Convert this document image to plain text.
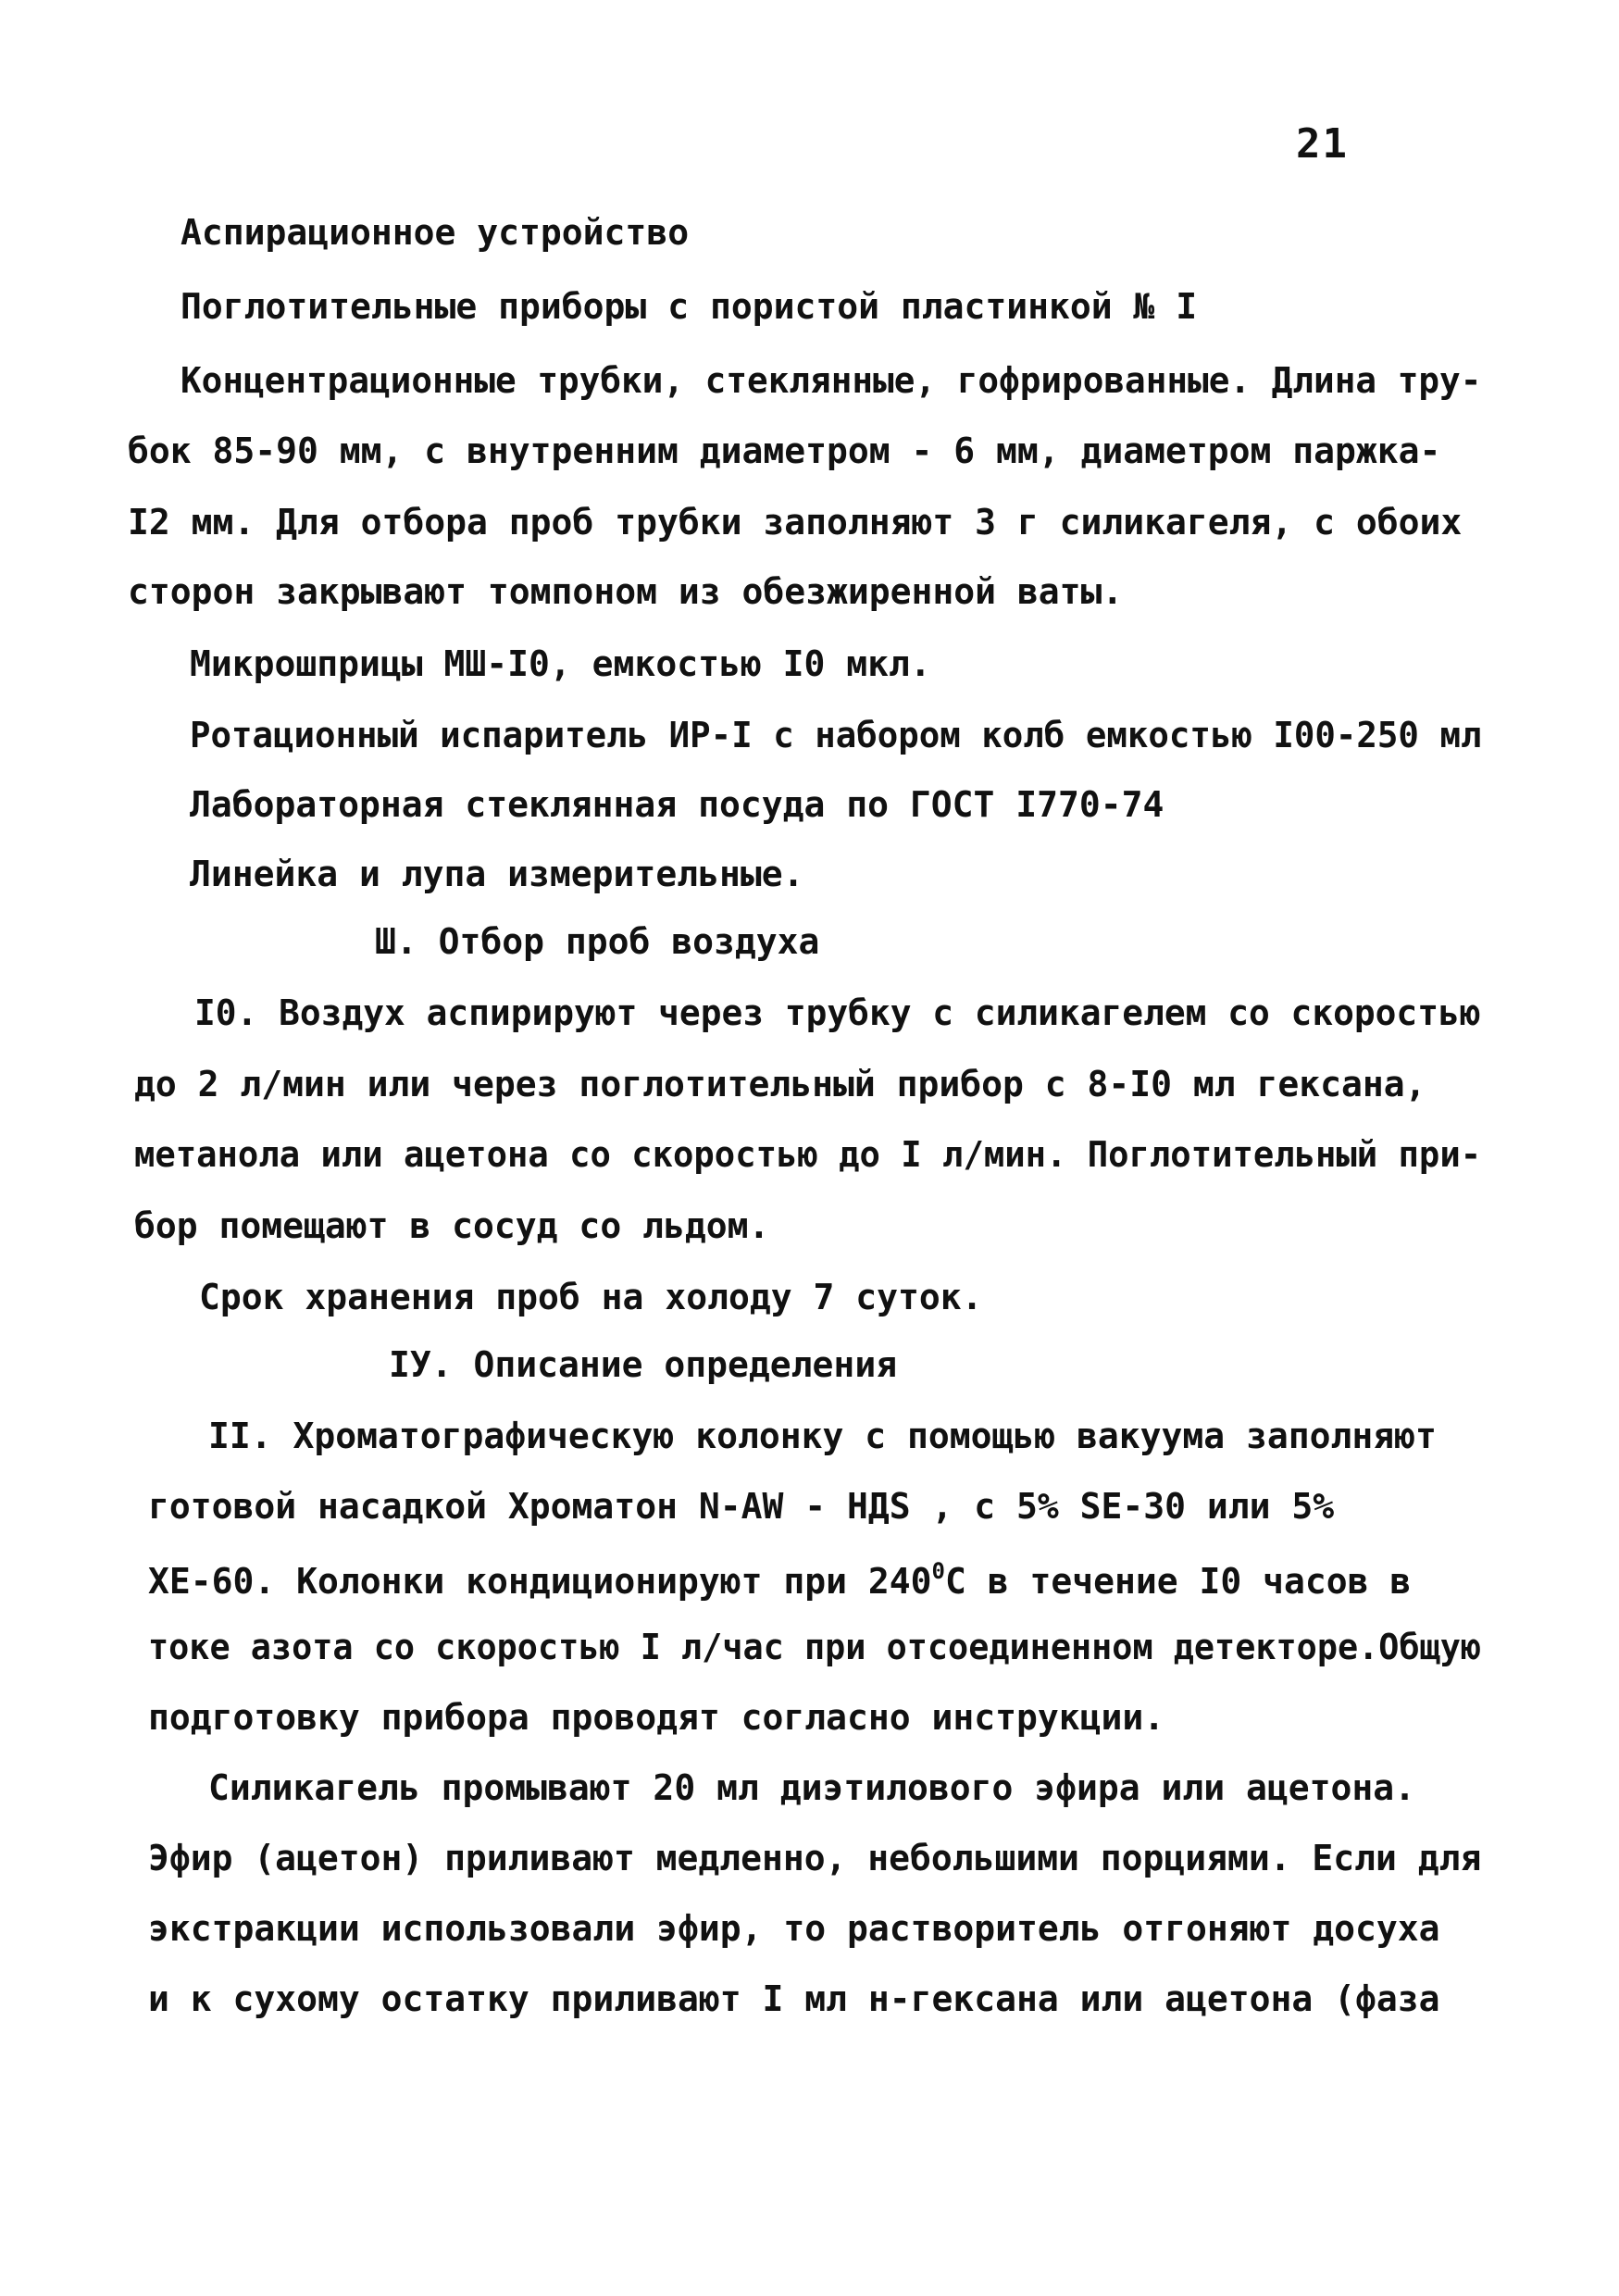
21
Аспирационное устройство
Поглотительные приборы с пористой пластинкой № I
Концентрационные трубки, стеклянные, гофрированные. Длина тру-
бок 85-90 мм, с внутренним диаметром - 6 мм, диаметром паржка-
I2 мм. Для отбора проб трубки заполняют 3 г силикагеля, с обоих
сторон закрывают томпоном из обезжиренной ваты.
Микрошприцы МШ-I0, емкостью I0 мкл.
Ротационный испаритель ИР-I с набором колб емкостью I00-250 мл
Лабораторная стеклянная посуда по ГОСТ I770-74
Линейка и лупа измерительные.
Ш. Отбор проб воздуха
I0. Воздух аспирируют через трубку с силикагелем со скоростью
до 2 л/мин или через поглотительный прибор с 8-I0 мл гексана,
метанола или ацетона со скоростью до I л/мин. Поглотительный при-
бор помещают в сосуд со льдом.
Срок хранения проб на холоду 7 суток.
IУ. Описание определения
II. Хроматографическую колонку с помощью вакуума заполняют
готовой насадкой Хроматон N-AW - НДS , с 5% SE-30 или 5%
ХЕ-60. Колонки кондиционируют при $240^0С$ в течение I0 часов в
токе азота со скоростью I л/час при отсоединенном детекторе.Общую
подготовку прибора проводят согласно инструкции.
Силикагель промывают 20 мл диэтилового эфира или ацетона.
Эфир (ацетон) приливают медленно, небольшими порциями. Если для
экстракции использовали эфир, то растворитель отгоняют досуха
и к сухому остатку приливают I мл н-гексана или ацетона (фаза
